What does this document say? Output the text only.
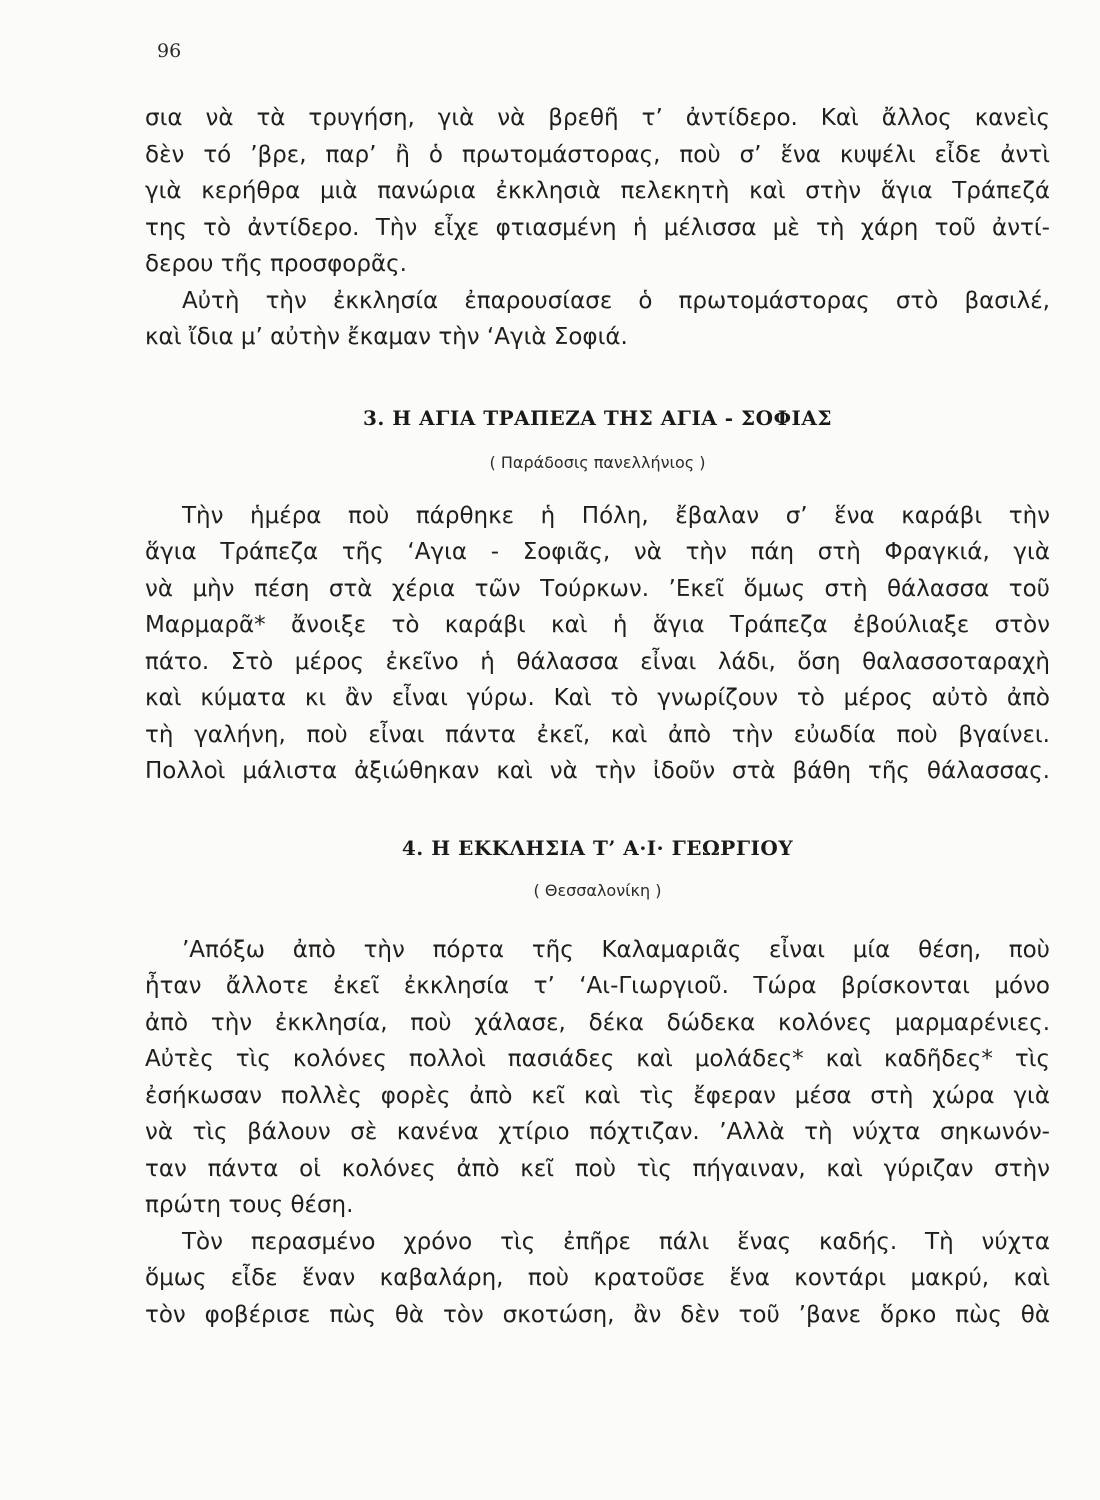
96
σια νὰ τὰ τρυγήση, γιὰ νὰ βρεθῆ τ’ ἀντίδερο. Καὶ ἄλλος κανεὶς
δὲν τό ’βρε, παρ’ ἢ ὁ πρωτομάστορας, ποὺ σ’ ἕνα κυψέλι εἶδε ἀντὶ
γιὰ κερήθρα μιὰ πανώρια ἐκκλησιὰ πελεκητὴ καὶ στὴν ἅγια Τράπεζά
της τὸ ἀντίδερο. Τὴν εἶχε φτιασμένη ἡ μέλισσα μὲ τὴ χάρη τοῦ ἀντί-
δερου τῆς προσφορᾶς.
Αὐτὴ τὴν ἐκκλησία ἐπαρουσίασε ὁ πρωτομάστορας στὸ βασιλέ,
καὶ ἴδια μ’ αὐτὴν ἔκαμαν τὴν ‘Αγιὰ Σοφιά.
3. Η ΑΓΙΑ ΤΡΑΠΕΖΑ ΤΗΣ ΑΓΙΑ - ΣΟΦΙΑΣ
( Παράδοσις πανελλήνιος )
Τὴν ἡμέρα ποὺ πάρθηκε ἡ Πόλη, ἔβαλαν σ’ ἕνα καράβι τὴν
ἅγια Τράπεζα τῆς ‘Αγια - Σοφιᾶς, νὰ τὴν πάη στὴ Φραγκιά, γιὰ
νὰ μὴν πέση στὰ χέρια τῶν Τούρκων. ’Εκεῖ ὅμως στὴ θάλασσα τοῦ
Μαρμαρᾶ* ἄνοιξε τὸ καράβι καὶ ἡ ἅγια Τράπεζα ἐβούλιαξε στὸν
πάτο. Στὸ μέρος ἐκεῖνο ἡ θάλασσα εἶναι λάδι, ὅση θαλασσοταραχὴ
καὶ κύματα κι ἂν εἶναι γύρω. Καὶ τὸ γνωρίζουν τὸ μέρος αὐτὸ ἀπὸ
τὴ γαλήνη, ποὺ εἶναι πάντα ἐκεῖ, καὶ ἀπὸ τὴν εὐωδία ποὺ βγαίνει.
Πολλοὶ μάλιστα ἀξιώθηκαν καὶ νὰ τὴν ἰδοῦν στὰ βάθη τῆς θάλασσας.
4. Η ΕΚΚΛΗΣΙΑ Τ’ Α·Ι· ΓΕΩΡΓΙΟΥ
( Θεσσαλονίκη )
’Απόξω ἀπὸ τὴν πόρτα τῆς Καλαμαριᾶς εἶναι μία θέση, ποὺ
ἦταν ἄλλοτε ἐκεῖ ἐκκλησία τ’ ‘Αι-Γιωργιοῦ. Τώρα βρίσκονται μόνο
ἀπὸ τὴν ἐκκλησία, ποὺ χάλασε, δέκα δώδεκα κολόνες μαρμαρένιες.
Αὐτὲς τὶς κολόνες πολλοὶ πασιάδες καὶ μολάδες* καὶ καδῆδες* τὶς
ἐσήκωσαν πολλὲς φορὲς ἀπὸ κεῖ καὶ τὶς ἔφεραν μέσα στὴ χώρα γιὰ
νὰ τὶς βάλουν σὲ κανένα χτίριο πόχτιζαν. ’Αλλὰ τὴ νύχτα σηκωνόν-
ταν πάντα οἱ κολόνες ἀπὸ κεῖ ποὺ τὶς πήγαιναν, καὶ γύριζαν στὴν
πρώτη τους θέση.
Τὸν περασμένο χρόνο τὶς ἐπῆρε πάλι ἕνας καδής. Τὴ νύχτα
ὅμως εἶδε ἕναν καβαλάρη, ποὺ κρατοῦσε ἕνα κοντάρι μακρύ, καὶ
τὸν φοβέρισε πὼς θὰ τὸν σκοτώση, ἂν δὲν τοῦ ’βανε ὅρκο πὼς θὰ
